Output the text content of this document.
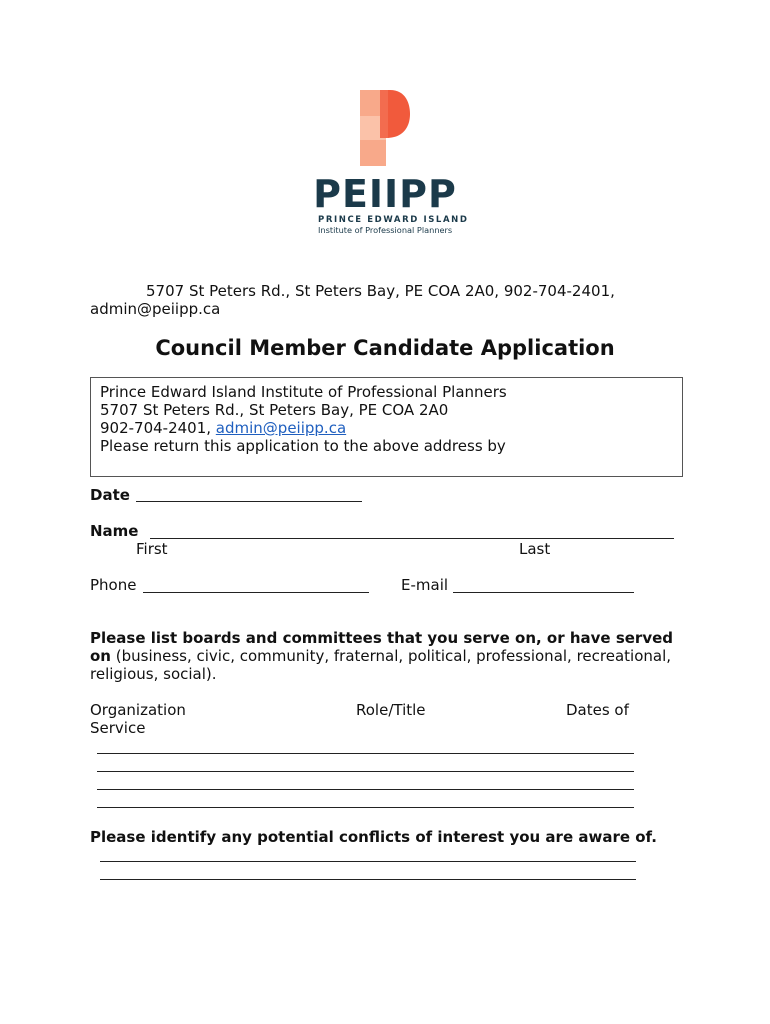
PEIIPP
PRINCE EDWARD ISLAND
Institute of Professional Planners
5707 St Peters Rd., St Peters Bay, PE COA 2A0, 902-704-2401,
admin@peiipp.ca
Council Member Candidate Application
Prince Edward Island Institute of Professional Planners
5707 St Peters Rd., St Peters Bay, PE COA 2A0
902-704-2401, admin@peiipp.ca
Please return this application to the above address by
Date
Name
First	Last
Phone	E-mail
Please list boards and committees that you serve on, or have served
on (business, civic, community, fraternal, political, professional, recreational,
religious, social).
Organization	Role/Title	Dates of
Service
Please identify any potential conflicts of interest you are aware of.
